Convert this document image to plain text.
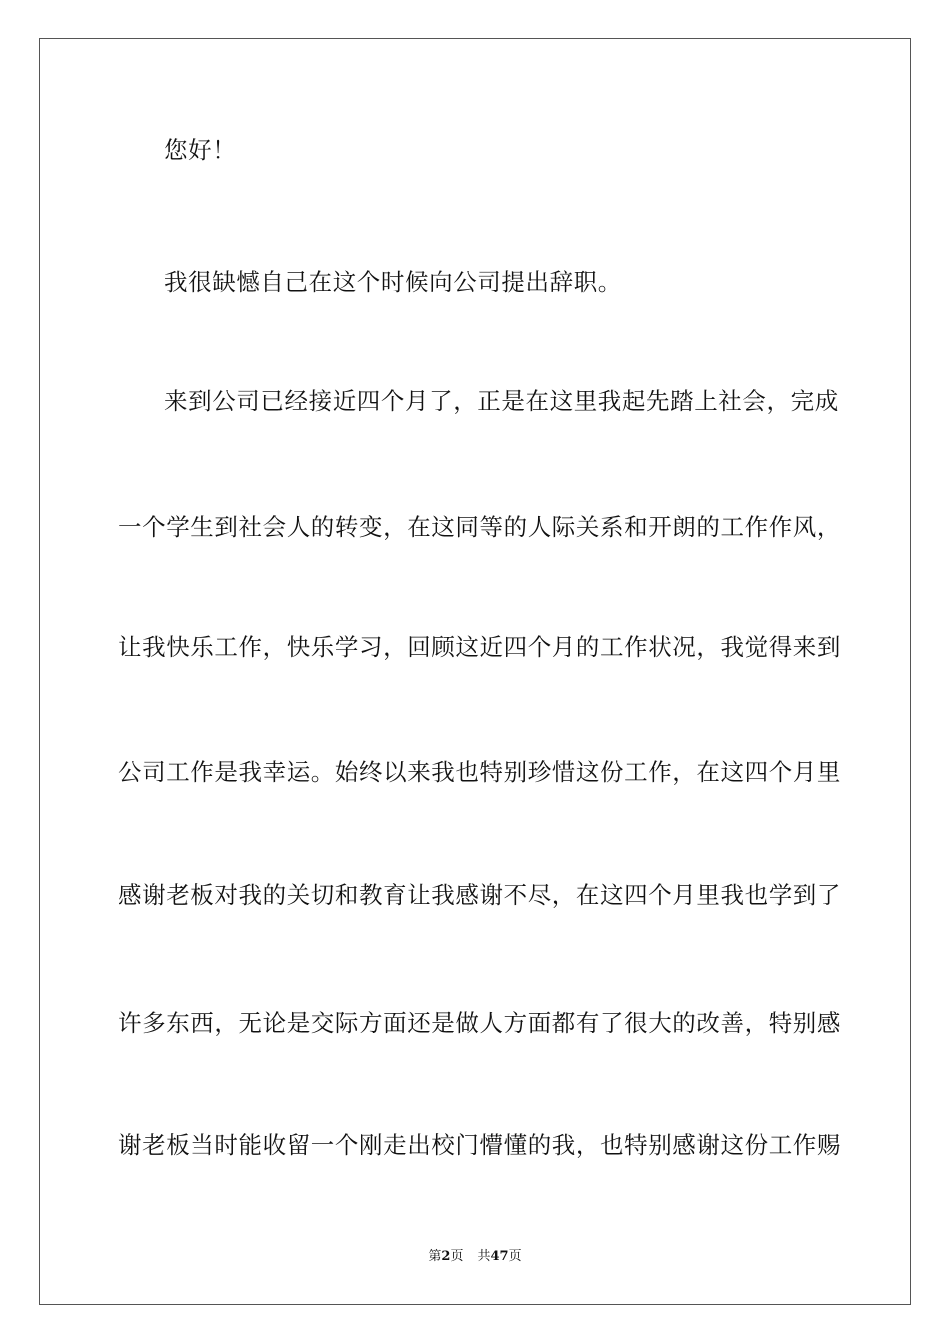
您好！
我很缺憾自己在这个时候向公司提出辞职。
来到公司已经接近四个月了，正是在这里我起先踏上社会，完成
一个学生到社会人的转变，在这同等的人际关系和开朗的工作作风，
让我快乐工作，快乐学习，回顾这近四个月的工作状况，我觉得来到
公司工作是我幸运。始终以来我也特别珍惜这份工作，在这四个月里
感谢老板对我的关切和教育让我感谢不尽，在这四个月里我也学到了
许多东西，无论是交际方面还是做人方面都有了很大的改善，特别感
谢老板当时能收留一个刚走出校门懵懂的我，也特别感谢这份工作赐
第2页 共47页
